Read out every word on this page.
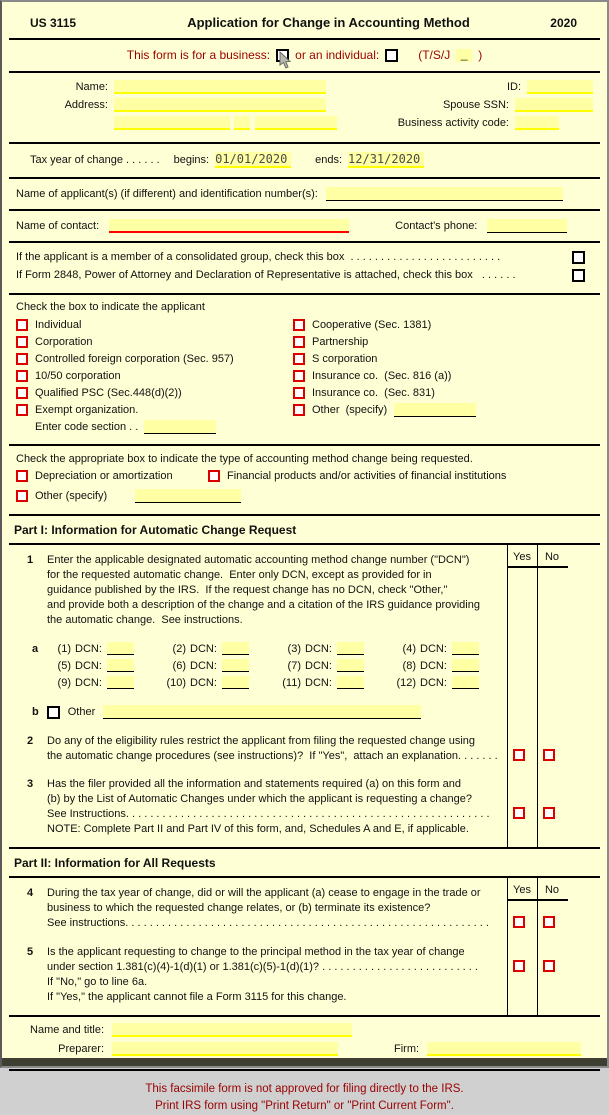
US 3115	Application for Change in Accounting Method	2020
This form is for a business: or an individual:	(T/S/J _ )
Name:
Address:
ID:
Spouse SSN:
Business activity code:
Tax year of change . . . . . . begins: 01/01/2020	ends: 12/31/2020
Name of applicant(s) (if different) and identification number(s):
Name of contact:	Contact's phone:
If the applicant is a member of a consolidated group, check this box  . . . . . . . . . . . . . . . . . . . . . . . . .
If Form 2848, Power of Attorney and Declaration of Representative is attached, check this box   . . . . . .
Check the box to indicate the applicant
Individual
Corporation
Controlled foreign corporation (Sec. 957)
10/50 corporation
Qualified PSC (Sec.448(d)(2))
Exempt organization.
Enter code section . .
Cooperative (Sec. 1381)
Partnership
S corporation
Insurance co.  (Sec. 816 (a))
Insurance co.  (Sec. 831)
Other  (specify)
Check the appropriate box to indicate the type of accounting method change being requested.
Depreciation or amortization	Financial products and/or activities of financial institutions
Other (specify)
Part I: Information for Automatic Change Request
Yes	No
1 Enter the applicable designated automatic accounting method change number ("DCN")
for the requested automatic change.  Enter only DCN, except as provided for in
guidance published by the IRS.  If the request change has no DCN, check "Other,"
and provide both a description of the change and a citation of the IRS guidance providing
the automatic change.  See instructions.
a	(1) DCN:	(2) DCN:	(3) DCN:	(4) DCN:
(5) DCN:	(6) DCN:	(7) DCN:	(8) DCN:
(9) DCN:	(10) DCN:	(11) DCN:	(12) DCN:
b	Other
2 Do any of the eligibility rules restrict the applicant from filing the requested change using
the automatic change procedures (see instructions)?  If "Yes",  attach an explanation. . . . . . .
3 Has the filer provided all the information and statements required (a) on this form and
(b) by the List of Automatic Changes under which the applicant is requesting a change?
See Instructions. . . . . . . . . . . . . . . . . . . . . . . . . . . . . . . . . . . . . . . . . . . . . . . . . . . . . . . . . . . .
NOTE: Complete Part II and Part IV of this form, and, Schedules A and E, if applicable.
Part II: Information for All Requests
Yes	No
4 During the tax year of change, did or will the applicant (a) cease to engage in the trade or
business to which the requested change relates, or (b) terminate its existence?
See instructions. . . . . . . . . . . . . . . . . . . . . . . . . . . . . . . . . . . . . . . . . . . . . . . . . . . . . . . . . . . .
5 Is the applicant requesting to change to the principal method in the tax year of change
under section 1.381(c)(4)-1(d)(1) or 1.381(c)(5)-1(d)(1)? . . . . . . . . . . . . . . . . . . . . . . . . . .
If "No," go to line 6a.
If "Yes," the applicant cannot file a Form 3115 for this change.
Name and title:
Preparer:	Firm:
This facsimile form is not approved for filing directly to the IRS.
Print IRS form using "Print Return" or "Print Current Form".
